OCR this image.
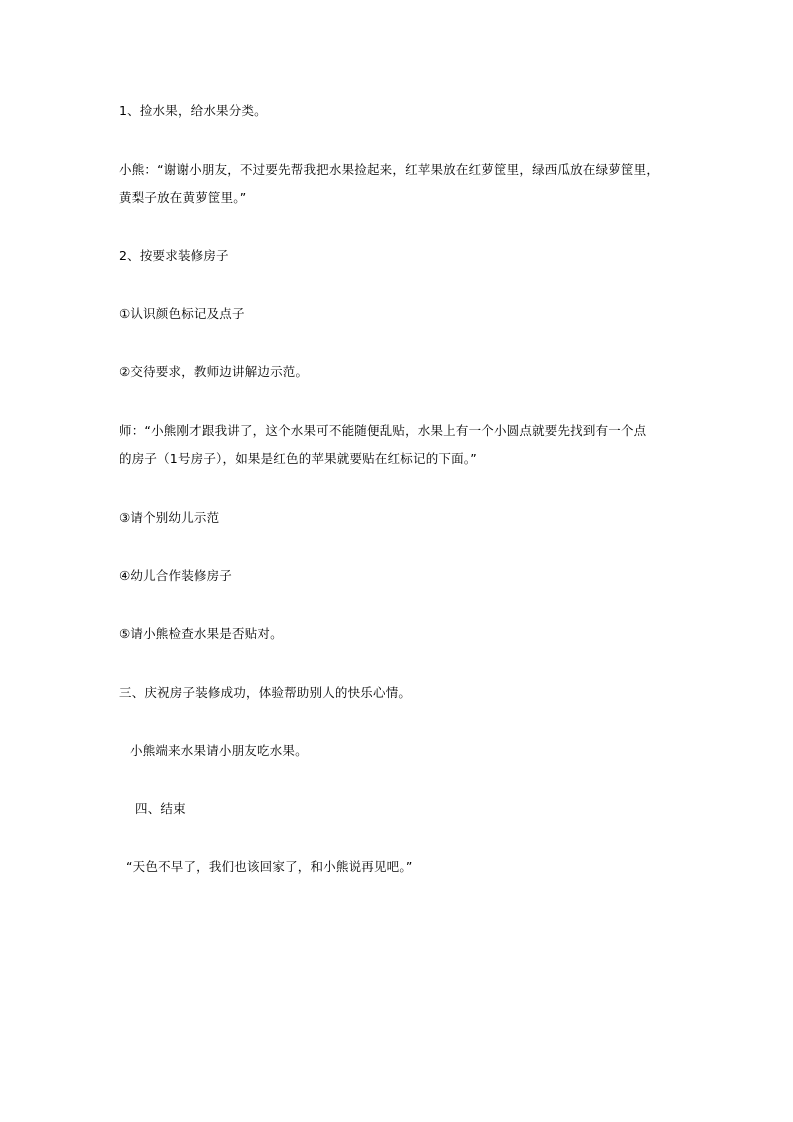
1、捡水果，给水果分类。
小熊：“谢谢小朋友，不过要先帮我把水果捡起来，红苹果放在红萝筐里，绿西瓜放在绿萝筐里，
黄梨子放在黄萝筐里。”
2、按要求装修房子
①认识颜色标记及点子
②交待要求，教师边讲解边示范。
师：“小熊刚才跟我讲了，这个水果可不能随便乱贴，水果上有一个小圆点就要先找到有一个点
的房子（1号房子），如果是红色的苹果就要贴在红标记的下面。”
③请个别幼儿示范
④幼儿合作装修房子
⑤请小熊检查水果是否贴对。
三、庆祝房子装修成功，体验帮助别人的快乐心情。
小熊端来水果请小朋友吃水果。
四、结束
“天色不早了，我们也该回家了，和小熊说再见吧。”
